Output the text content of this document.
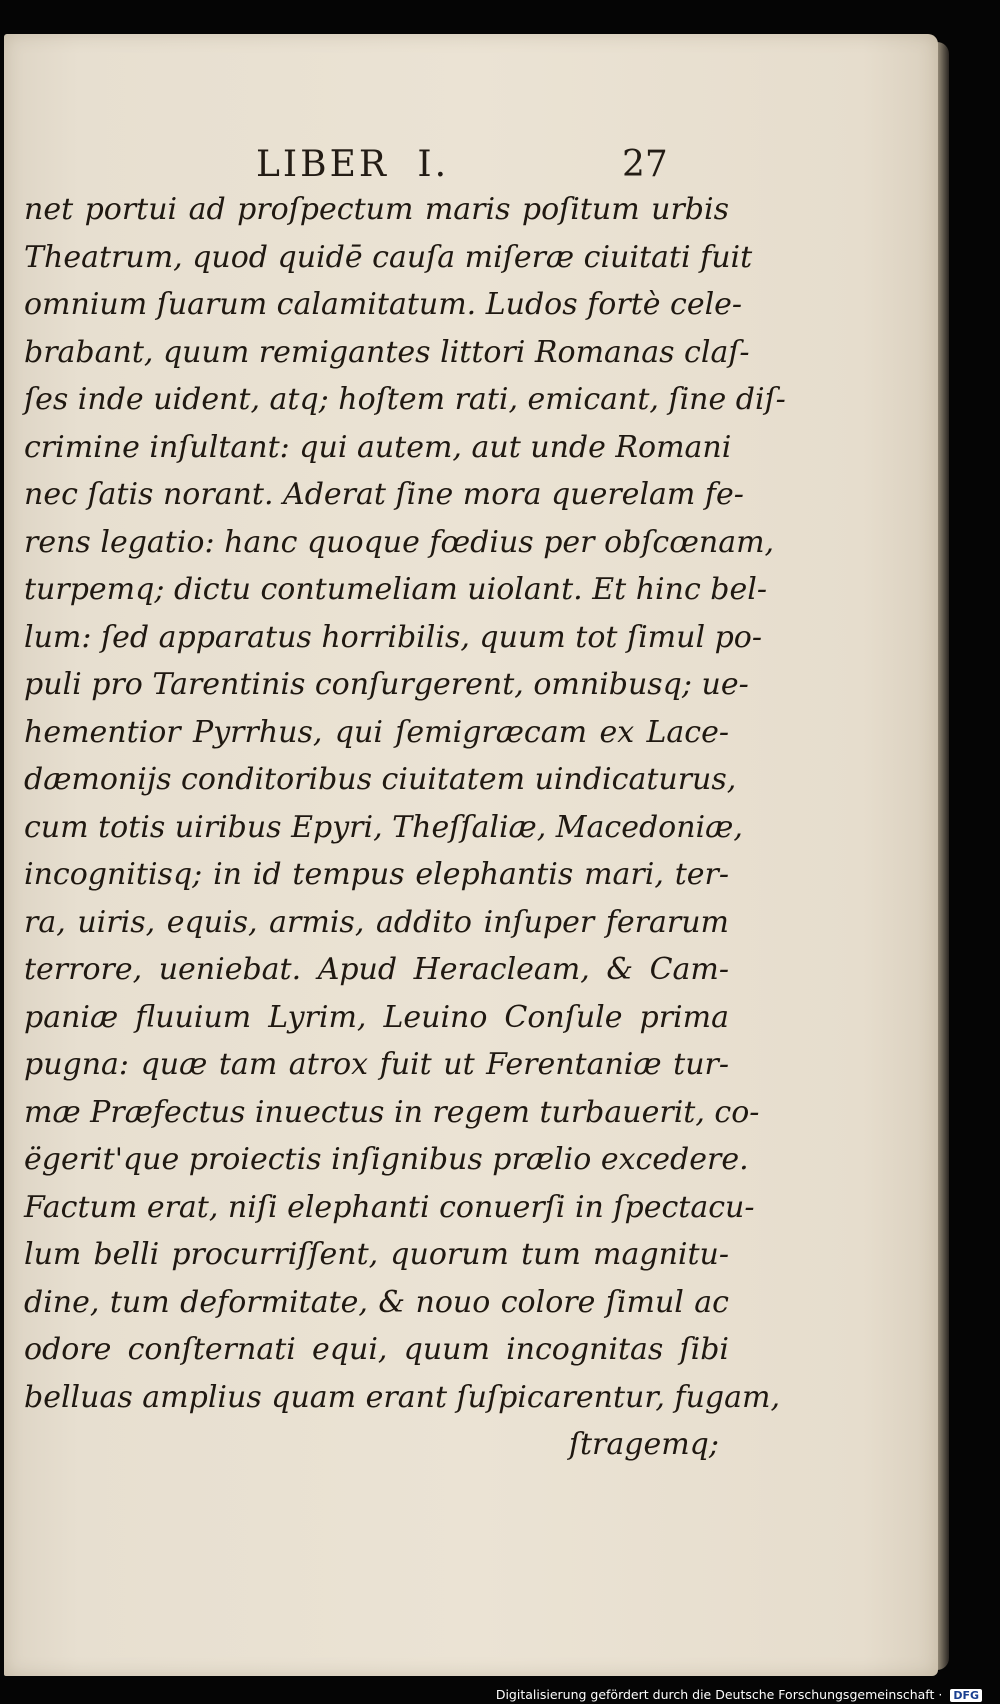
LIBER I.	27
net portui ad proſpectum maris poſitum urbis
Theatrum, quod quidē cauſa miſeræ ciuitati fuit
omnium ſuarum calamitatum. Ludos fortè cele-
brabant, quum remigantes littori Romanas claſ-
ſes inde uident, atq; hoſtem rati, emicant, ſine diſ-
crimine inſultant: qui autem, aut unde Romani
nec ſatis norant. Aderat ſine mora querelam fe-
rens legatio: hanc quoque fœdius per obſcœnam,
turpemq; dictu contumeliam uiolant. Et hinc bel-
lum: ſed apparatus horribilis, quum tot ſimul po-
puli pro Tarentinis conſurgerent, omnibusq; ue-
hementior Pyrrhus, qui ſemigræcam ex Lace-
dæmonijs conditoribus ciuitatem uindicaturus,
cum totis uiribus Epyri, Theſſaliæ, Macedoniæ,
incognitisq; in id tempus elephantis mari, ter-
ra, uiris, equis, armis, addito inſuper ferarum
terrore, ueniebat. Apud Heracleam, & Cam-
paniæ fluuium Lyrim, Leuino Conſule prima
pugna: quæ tam atrox fuit ut Ferentaniæ tur-
mæ Præfectus inuectus in regem turbauerit, co-
ëgerit'que proiectis inſignibus prælio excedere.
Factum erat, niſi elephanti conuerſi in ſpectacu-
lum belli procurriſſent, quorum tum magnitu-
dine, tum deformitate, & nouo colore ſimul ac
odore conſternati equi, quum incognitas ſibi
belluas amplius quam erant ſuſpicarentur, fugam,
ſtragemq;
Digitalisierung gefördert durch die Deutsche Forschungsgemeinschaft · DFG
